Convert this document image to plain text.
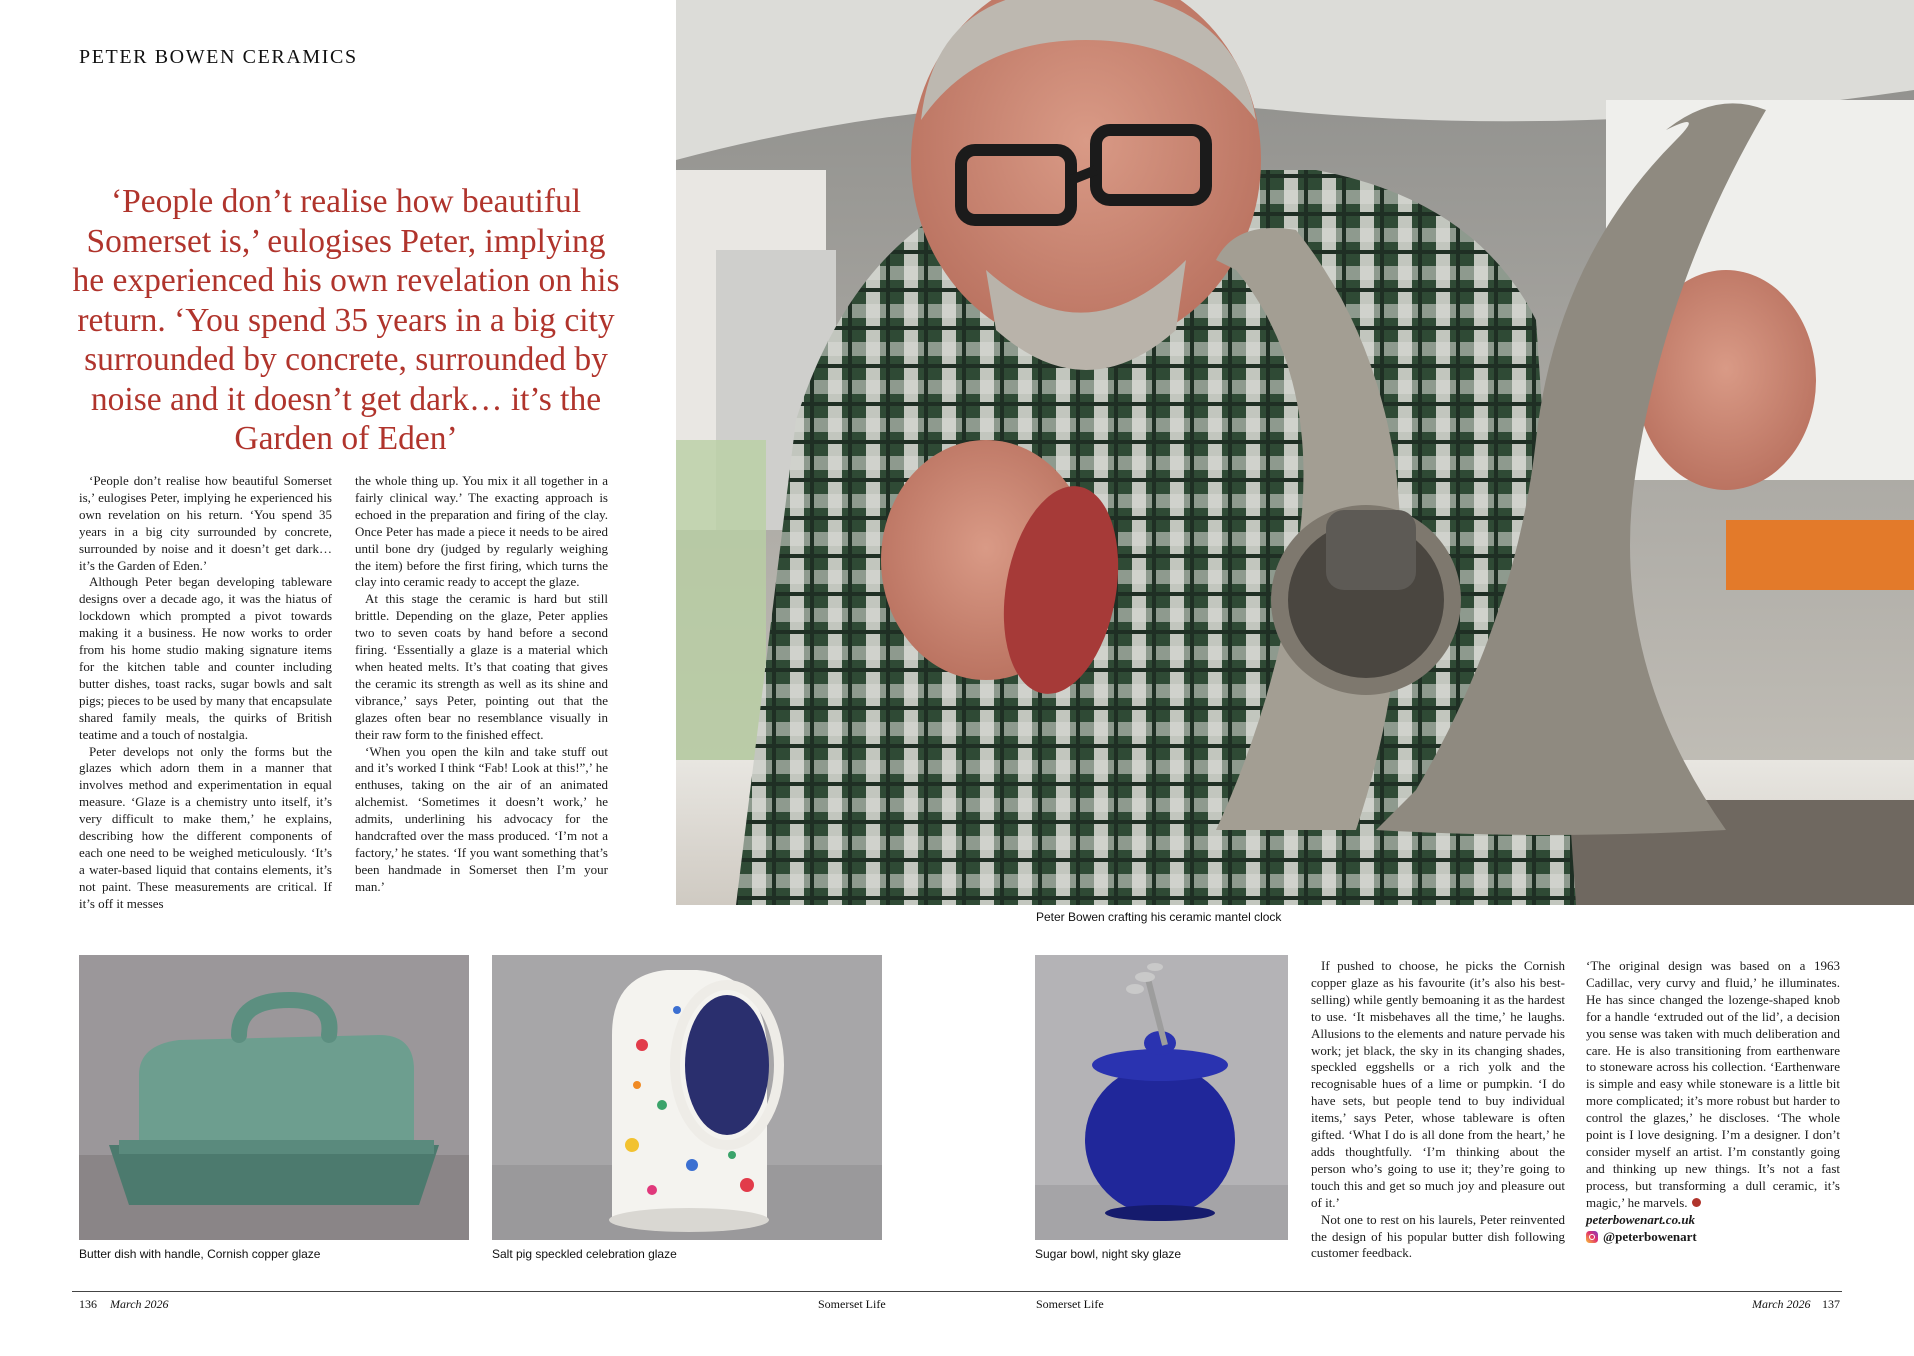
PETER BOWEN CERAMICS
‘People don’t realise how beautiful Somerset is,’ eulogises Peter, implying he experienced his own revelation on his return. ‘You spend 35 years in a big city surrounded by concrete, surrounded by noise and it doesn’t get dark… it’s the Garden of Eden’

‘People don’t realise how beautiful Somerset is,’ eulogises Peter, implying he experienced his own revelation on his return. ‘You spend 35 years in a big city surrounded by concrete, surrounded by noise and it doesn’t get dark… it’s the Garden of Eden.’

Although Peter began developing tableware designs over a decade ago, it was the hiatus of lockdown which prompted a pivot towards making it a business. He now works to order from his home studio making signature items for the kitchen table and counter including butter dishes, toast racks, sugar bowls and salt pigs; pieces to be used by many that encapsulate shared family meals, the quirks of British teatime and a touch of nostalgia.

Peter develops not only the forms but the glazes which adorn them in a manner that involves method and experimentation in equal measure. ‘Glaze is a chemistry unto itself, it’s very difficult to make them,’ he explains, describing how the different components of each one need to be weighed meticulously. ‘It’s a water-based liquid that contains elements, it’s not paint. These measurements are critical. If it’s off it messes

the whole thing up. You mix it all together in a fairly clinical way.’ The exacting approach is echoed in the preparation and firing of the clay. Once Peter has made a piece it needs to be aired until bone dry (judged by regularly weighing the item) before the first firing, which turns the clay into ceramic ready to accept the glaze.

At this stage the ceramic is hard but still brittle. Depending on the glaze, Peter applies two to seven coats by hand before a second firing. ‘Essentially a glaze is a material which when heated melts. It’s that coating that gives the ceramic its strength as well as its shine and vibrance,’ says Peter, pointing out that the glazes often bear no resemblance visually in their raw form to the finished effect.

‘When you open the kiln and take stuff out and it’s worked I think “Fab! Look at this!”,’ he enthuses, taking on the air of an animated alchemist. ‘Sometimes it doesn’t work,’ he admits, underlining his advocacy for the handcrafted over the mass produced. ‘I’m not a factory,’ he states. ‘If you want something that’s been handmade in Somerset then I’m your man.’

If pushed to choose, he picks the Cornish copper glaze as his favourite (it’s also his best-selling) while gently bemoaning it as the hardest to use. ‘It misbehaves all the time,’ he laughs. Allusions to the elements and nature pervade his work; jet black, the sky in its changing shades, speckled eggshells or a rich yolk and the recognisable hues of a lime or pumpkin. ‘I do have sets, but people tend to buy individual items,’ says Peter, whose tableware is often gifted. ‘What I do is all done from the heart,’ he adds thoughtfully. ‘I’m thinking about the person who’s going to use it; they’re going to touch this and get so much joy and pleasure out of it.’

Not one to rest on his laurels, Peter reinvented the design of his popular butter dish following customer feedback.

‘The original design was based on a 1963 Cadillac, very curvy and fluid,’ he illuminates. He has since changed the lozenge-shaped knob for a handle ‘extruded out of the lid’, a decision you sense was taken with much deliberation and care. He is also transitioning from earthenware to stoneware across his collection. ‘Earthenware is simple and easy while stoneware is a little bit more complicated; it’s more robust but harder to control the glazes,’ he discloses. ‘The whole point is I love designing. I’m a designer. I don’t consider myself an artist. I’m constantly going and thinking up new things. It’s not a fast process, but transforming a dull ceramic, it’s magic,’ he marvels.

peterbowenart.co.uk

@peterbowenart

Peter Bowen crafting his ceramic mantel clock
Butter dish with handle, Cornish copper glaze	Salt pig speckled celebration glaze	Sugar bowl, night sky glaze
136 March 2026	Somerset Life	Somerset Life	March 2026 137
